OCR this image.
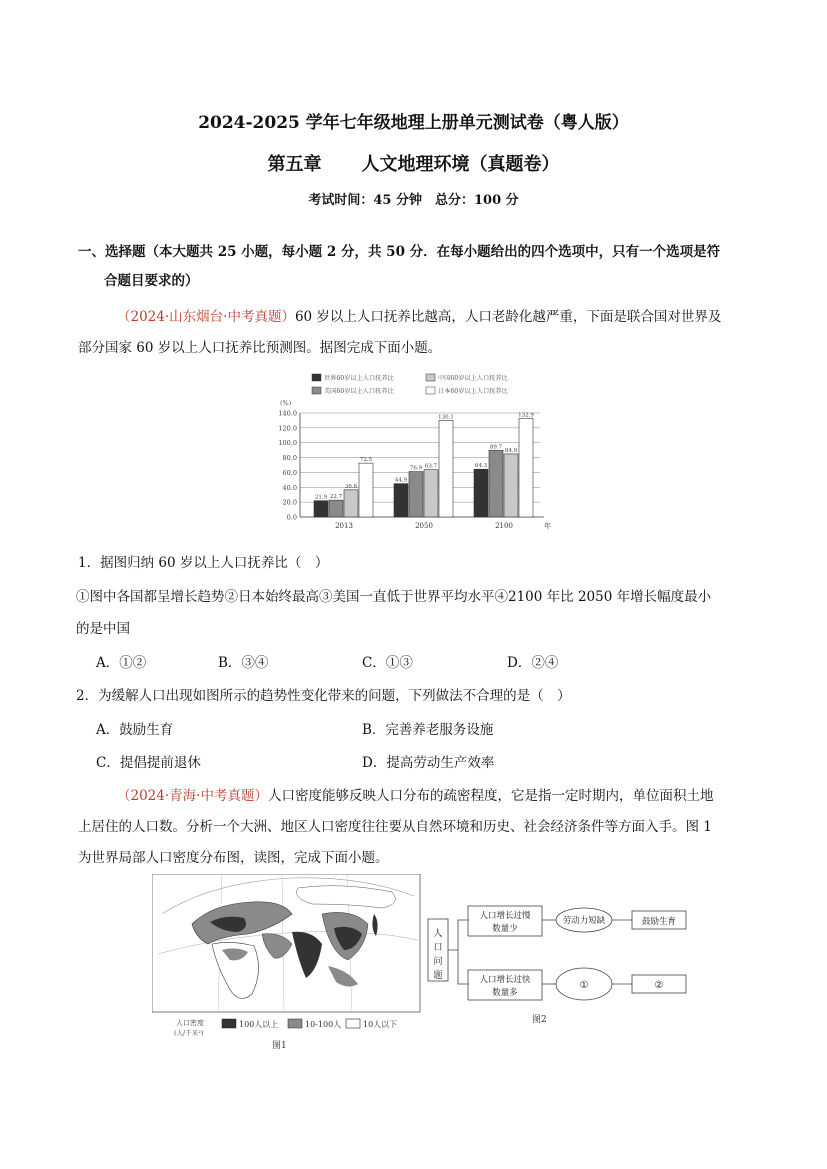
2024-2025 学年七年级地理上册单元测试卷（粤人版）
第五章 人文地理环境（真题卷）
考试时间：45 分钟　总分：100 分
一、选择题（本大题共 25 小题，每小题 2 分，共 50 分．在每小题给出的四个选项中，只有一个选项是符
合题目要求的）
（2024·山东烟台·中考真题）60 岁以上人口抚养比越高，人口老龄化越严重，下面是联合国对世界及
部分国家 60 岁以上人口抚养比预测图。据图完成下面小题。
世界60岁以上人口抚养比
美国60岁以上人口抚养比
中国60岁以上人口抚养比
日本60岁以上人口抚养比
(%)
0.0
20.0
40.0
60.0
80.0
100.0
120.0
140.0
2013	2050	2100	年
21.9 22.7
36.6
72.5
44.9
76.9 63.7
130.1
64.3
89.7
84.9
132.9
1．据图归纳 60 岁以上人口抚养比（　）
①图中各国都呈增长趋势②日本始终最高③美国一直低于世界平均水平④2100 年比 2050 年增长幅度最小
的是中国
A．①②	B．③④	C．①③	D．②④
2．为缓解人口出现如图所示的趋势性变化带来的问题，下列做法不合理的是（　）
A．鼓励生育	B．完善养老服务设施
C．提倡提前退休	D．提高劳动生产效率
（2024·青海·中考真题）人口密度能够反映人口分布的疏密程度，它是指一定时期内，单位面积土地
上居住的人口数。分析一个大洲、地区人口密度往往要从自然环境和历史、社会经济条件等方面入手。图 1
为世界局部人口密度分布图，读图，完成下面小题。
人口密度
(人/千米²)
100人以上	10-100人	10人以下
图1
人口问题
人口增长过慢数量少
劳动力短缺	鼓励生育
人口增长过快数量多
①	②
图2
